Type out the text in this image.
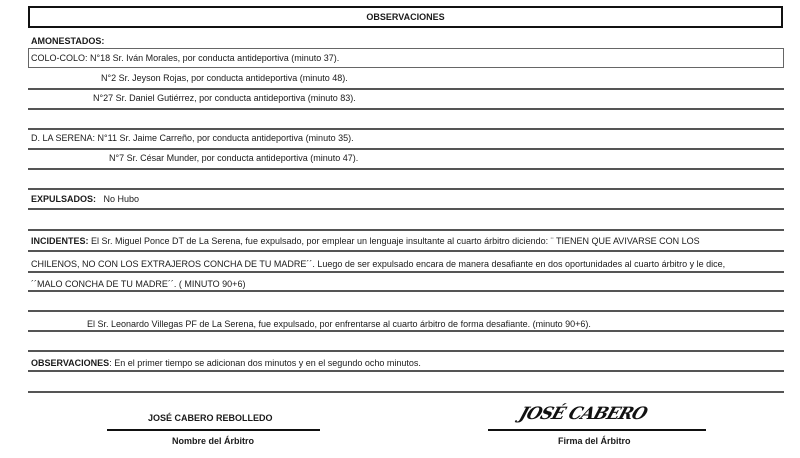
OBSERVACIONES
AMONESTADOS:
COLO-COLO: N°18 Sr. Iván Morales, por conducta antideportiva (minuto 37).
N°2 Sr. Jeyson Rojas, por conducta antideportiva (minuto 48).
N°27 Sr. Daniel Gutiérrez, por conducta antideportiva (minuto 83).
D. LA SERENA: N°11 Sr. Jaime Carreño, por conducta antideportiva (minuto 35).
N°7 Sr. César Munder, por conducta antideportiva (minuto 47).
EXPULSADOS: No Hubo
INCIDENTES: El Sr. Miguel Ponce DT de La Serena, fue expulsado, por emplear un lenguaje insultante al cuarto árbitro diciendo: ¨ TIENEN QUE AVIVARSE CON LOS
CHILENOS, NO CON LOS EXTRAJEROS CONCHA DE TU MADRE´´. Luego de ser expulsado encara de manera desafiante en dos oportunidades al cuarto árbitro y le dice,
´´MALO CONCHA DE TU MADRE´´. ( MINUTO 90+6)
El Sr. Leonardo Villegas PF de La Serena, fue expulsado, por enfrentarse al cuarto árbitro de forma desafiante. (minuto 90+6).
OBSERVACIONES: En el primer tiempo se adicionan dos minutos y en el segundo ocho minutos.
JOSÉ CABERO REBOLLEDO
Nombre del Árbitro
JOSÉ CABERO
Firma del Árbitro
